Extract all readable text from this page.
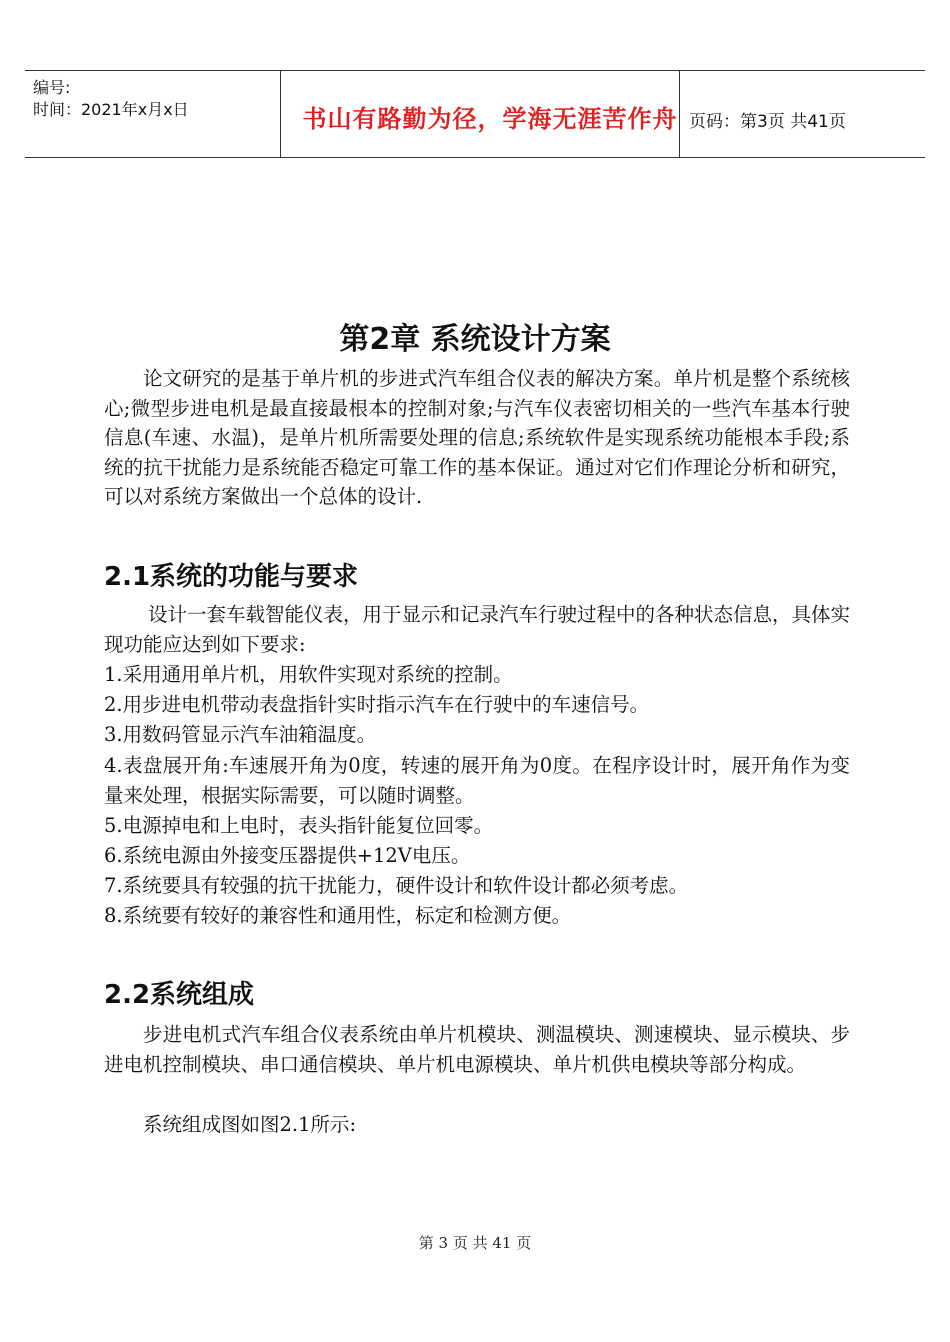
编号:
时间：2021年x月x日	书山有路勤为径，学海无涯苦作舟 页码：第3页 共41页
第2章 系统设计方案

论文研究的是基于单片机的步进式汽车组合仪表的解决方案。单片机是整个系统核心;微型步进电机是最直接最根本的控制对象;与汽车仪表密切相关的一些汽车基本行驶信息(车速、水温)，是单片机所需要处理的信息;系统软件是实现系统功能根本手段;系统的抗干扰能力是系统能否稳定可靠工作的基本保证。通过对它们作理论分析和研究，可以对系统方案做出一个总体的设计.

2.1系统的功能与要求

设计一套车载智能仪表，用于显示和记录汽车行驶过程中的各种状态信息，具体实现功能应达到如下要求:

1.采用通用单片机，用软件实现对系统的控制。

2.用步进电机带动表盘指针实时指示汽车在行驶中的车速信号。

3.用数码管显示汽车油箱温度。

4.表盘展开角:车速展开角为0度，转速的展开角为0度。在程序设计时，展开角作为变量来处理，根据实际需要，可以随时调整。

5.电源掉电和上电时，表头指针能复位回零。

6.系统电源由外接变压器提供+12V电压。

7.系统要具有较强的抗干扰能力，硬件设计和软件设计都必须考虑。

8.系统要有较好的兼容性和通用性，标定和检测方便。

2.2系统组成

步进电机式汽车组合仪表系统由单片机模块、测温模块、测速模块、显示模块、步进电机控制模块、串口通信模块、单片机电源模块、单片机供电模块等部分构成。

系统组成图如图2.1所示:

第 3 页 共 41 页
